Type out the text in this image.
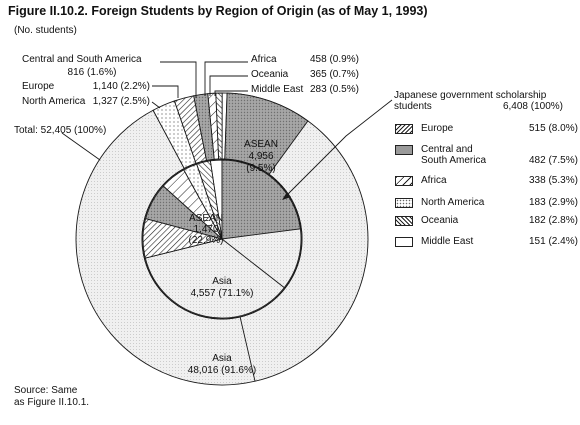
Figure II.10.2. Foreign Students by Region of Origin (as of May 1, 1993)
(No. students)
ASEAN
4,956
(9.5%)
ASEAN
1,470
(22.9%)
Asia
4,557 (71.1%)
Asia
48,016 (91.6%)
Central and South America
816 (1.6%)
Europe	1,140 (2.2%)
North America 1,327 (2.5%)
Africa	458 (0.9%)
Oceania 365 (0.7%)
Middle East 283 (0.5%)
Total: 52,405 (100%)
Japanese government scholarship
students	6,408 (100%)
Europe	515 (8.0%)
Central and
South America	482 (7.5%)
Africa	338 (5.3%)
North America	183 (2.9%)
Oceania	182 (2.8%)
Middle East	151 (2.4%)
Source: Same
as Figure II.10.1.
